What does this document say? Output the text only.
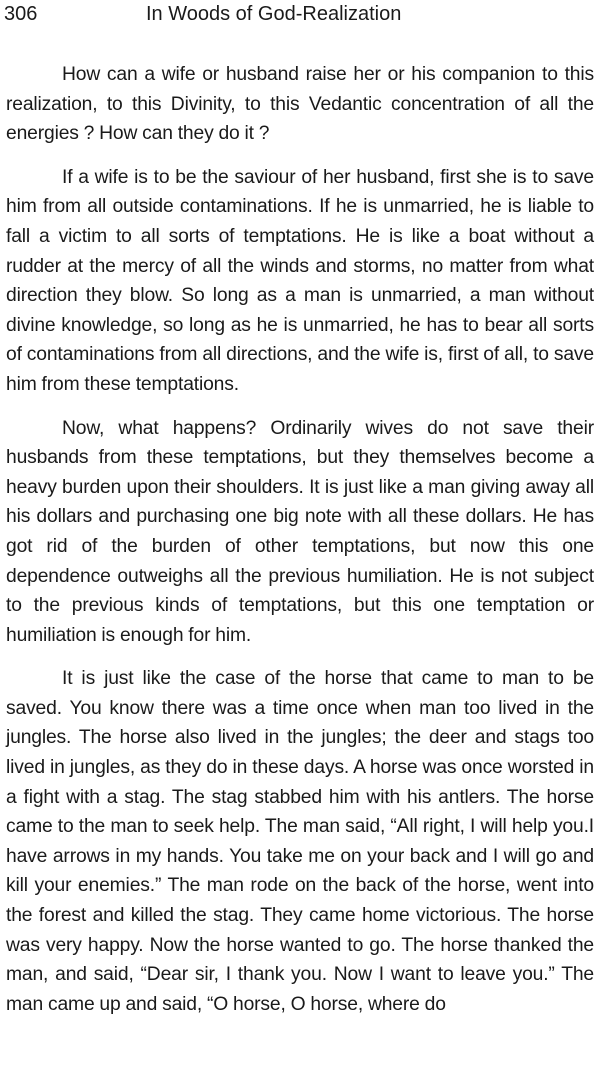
306	In Woods of God-Realization

How can a wife or husband raise her or his companion to this realization, to this Divinity, to this Vedantic concentration of all the energies ? How can they do it ?

If a wife is to be the saviour of her husband, first she is to save him from all outside contaminations. If he is unmarried, he is liable to fall a victim to all sorts of temptations. He is like a boat without a rudder at the mercy of all the winds and storms, no matter from what direction they blow. So long as a man is unmarried, a man without divine knowledge, so long as he is unmarried, he has to bear all sorts of contaminations from all directions, and the wife is, first of all, to save him from these temptations.

Now, what happens? Ordinarily wives do not save their husbands from these temptations, but they themselves become a heavy burden upon their shoulders. It is just like a man giving away all his dollars and purchasing one big note with all these dollars. He has got rid of the burden of other temptations, but now this one dependence outweighs all the previous humiliation. He is not subject to the previous kinds of temptations, but this one temptation or humiliation is enough for him.

It is just like the case of the horse that came to man to be saved. You know there was a time once when man too lived in the jungles. The horse also lived in the jungles; the deer and stags too lived in jungles, as they do in these days. A horse was once worsted in a fight with a stag. The stag stabbed him with his antlers. The horse came to the man to seek help. The man said, “All right, I will help you.I have arrows in my hands. You take me on your back and I will go and kill your enemies.” The man rode on the back of the horse, went into the forest and killed the stag. They came home victorious. The horse was very happy. Now the horse wanted to go. The horse thanked the man, and said, “Dear sir, I thank you. Now I want to leave you.” The man came up and said, “O horse, O horse, where do
